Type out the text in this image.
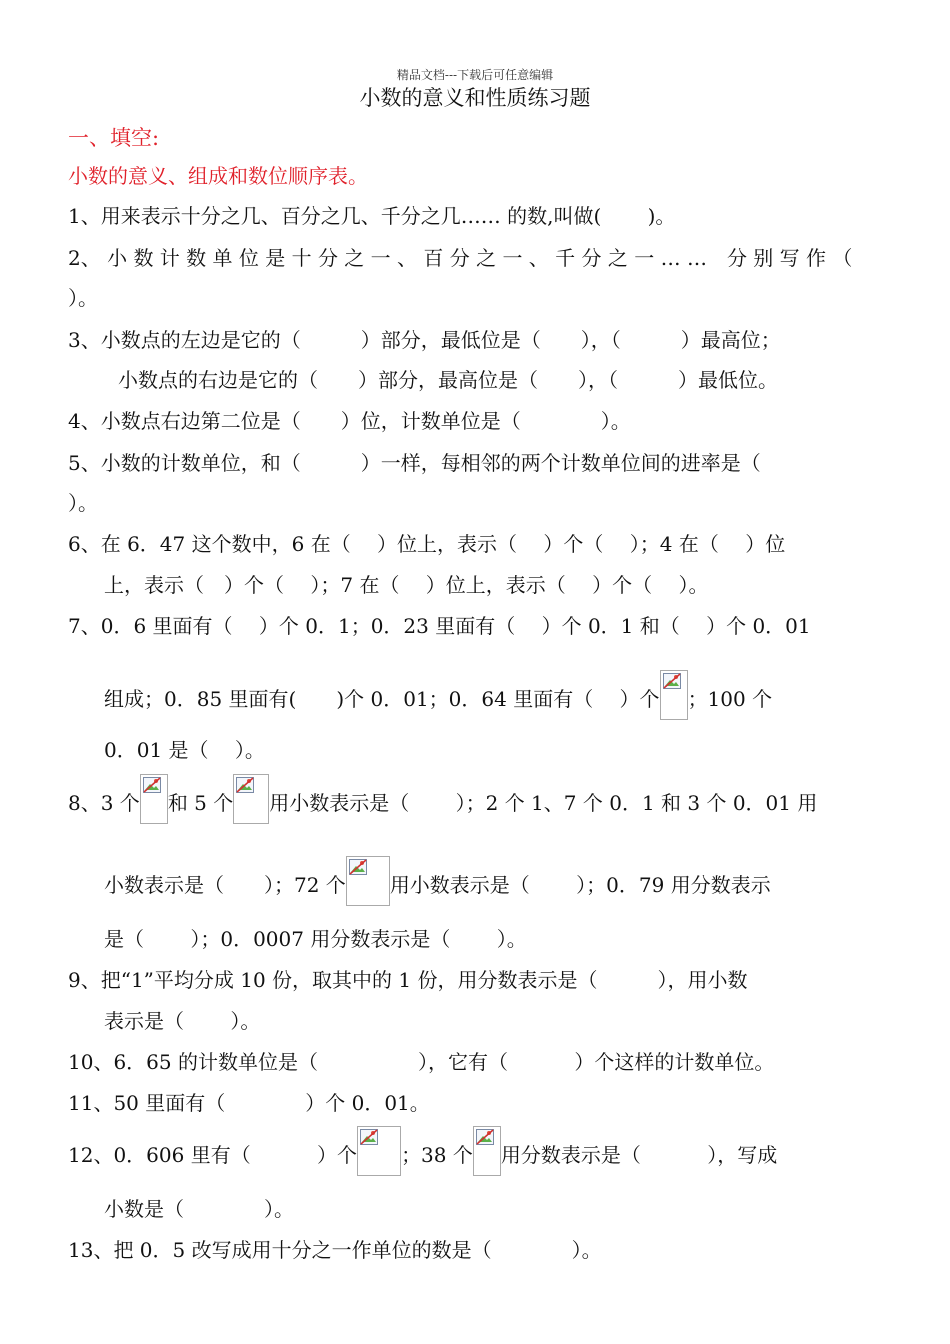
精品文档---下载后可任意编辑
小数的意义和性质练习题
一、填空:
小数的意义、组成和数位顺序表。
1、用来表示十分之几、百分之几、千分之几…… 的数,叫做(　　 )。
2、 小 数 计 数 单 位 是 十 分 之 一 、 百 分 之 一 、 千 分 之 一 … …　分 别 写 作 （
）。
3、小数点的左边是它的（　　　）部分，最低位是（　　），（　　　）最高位；
小数点的右边是它的（　　）部分，最高位是（　　），（　　　）最低位。
4、小数点右边第二位是（　　）位，计数单位是（　　　　）。
5、小数的计数单位，和（　　　）一样，每相邻的两个计数单位间的进率是（
）。
6、在 6．47 这个数中，6 在（　 ）位上，表示（　 ）个（　 ）；4 在（　 ）位
上，表示（　）个（　 ）；7 在（　 ）位上，表示（　 ）个（　 ）。
7、0．6 里面有（　 ）个 0．1；0．23 里面有（　 ）个 0．1 和（　 ）个 0．01
组成；0．85 里面有(　　)个 0．01；0．64 里面有（　 ）个 ；100 个
0．01 是（　 ）。
8、3 个 和 5 个 用小数表示是（　　 ）；2 个 1、7 个 0．1 和 3 个 0．01 用
小数表示是（　　）；72 个 用小数表示是（　　 ）；0．79 用分数表示
是（　　 ）；0．0007 用分数表示是（　　 ）。
9、把“1”平均分成 10 份，取其中的 1 份，用分数表示是（　　　），用小数
表示是（　　 ）。
10、6．65 的计数单位是（　　　　　），它有（　　　 ）个这样的计数单位。
11、50 里面有（　　　　）个 0．01。
12、0．606 里有（　　　 ）个 ；38 个 用分数表示是（　　　 ），写成
小数是（　　　　）。
13、把 0．5 改写成用十分之一作单位的数是（　　　　）。
